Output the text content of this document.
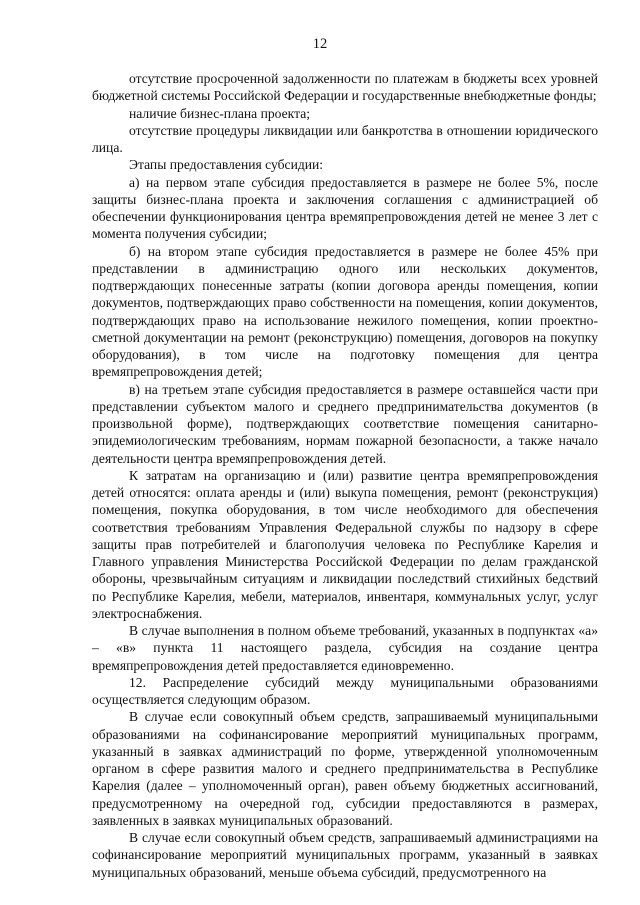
12

отсутствие просроченной задолженности по платежам в бюджеты всех уровней бюджетной системы Российской Федерации и государственные внебюджетные фонды;

наличие бизнес-плана проекта;

отсутствие процедуры ликвидации или банкротства в отношении юридического лица.

Этапы предоставления субсидии:

а) на первом этапе субсидия предоставляется в размере не более 5%, после защиты бизнес-плана проекта и заключения соглашения с администрацией об обеспечении функционирования центра времяпрепровождения детей не менее 3 лет с момента получения субсидии;

б) на втором этапе субсидия предоставляется в размере не более 45% при представлении в администрацию одного или нескольких документов, подтверждающих понесенные затраты (копии договора аренды помещения, копии документов, подтверждающих право собственности на помещения, копии документов, подтверждающих право на использование нежилого помещения, копии проектно-сметной документации на ремонт (реконструкцию) помещения, договоров на покупку оборудования), в том числе на подготовку помещения для центра времяпрепровождения детей;

в) на третьем этапе субсидия предоставляется в размере оставшейся части при представлении субъектом малого и среднего предпринимательства документов (в произвольной форме), подтверждающих соответствие помещения санитарно-эпидемиологическим требованиям, нормам пожарной безопасности, а также начало деятельности центра времяпрепровождения детей.

К затратам на организацию и (или) развитие центра времяпрепровождения детей относятся: оплата аренды и (или) выкупа помещения, ремонт (реконструкция) помещения, покупка оборудования, в том числе необходимого для обеспечения соответствия требованиям Управления Федеральной службы по надзору в сфере защиты прав потребителей и благополучия человека по Республике Карелия и Главного управления Министерства Российской Федерации по делам гражданской обороны, чрезвычайным ситуациям и ликвидации последствий стихийных бедствий по Республике Карелия, мебели, материалов, инвентаря, коммунальных услуг, услуг электроснабжения.

В случае выполнения в полном объеме требований, указанных в подпунктах «а» – «в» пункта 11 настоящего раздела, субсидия на создание центра времяпрепровождения детей предоставляется единовременно.

12. Распределение субсидий между муниципальными образованиями осуществляется следующим образом.

В случае если совокупный объем средств, запрашиваемый муниципальными образованиями на софинансирование мероприятий муниципальных программ, указанный в заявках администраций по форме, утвержденной уполномоченным органом в сфере развития малого и среднего предпринимательства в Республике Карелия (далее – уполномоченный орган), равен объему бюджетных ассигнований, предусмотренному на очередной год, субсидии предоставляются в размерах, заявленных в заявках муниципальных образований.

В случае если совокупный объем средств, запрашиваемый администрациями на софинансирование мероприятий муниципальных программ, указанный в заявках муниципальных образований, меньше объема субсидий, предусмотренного на
